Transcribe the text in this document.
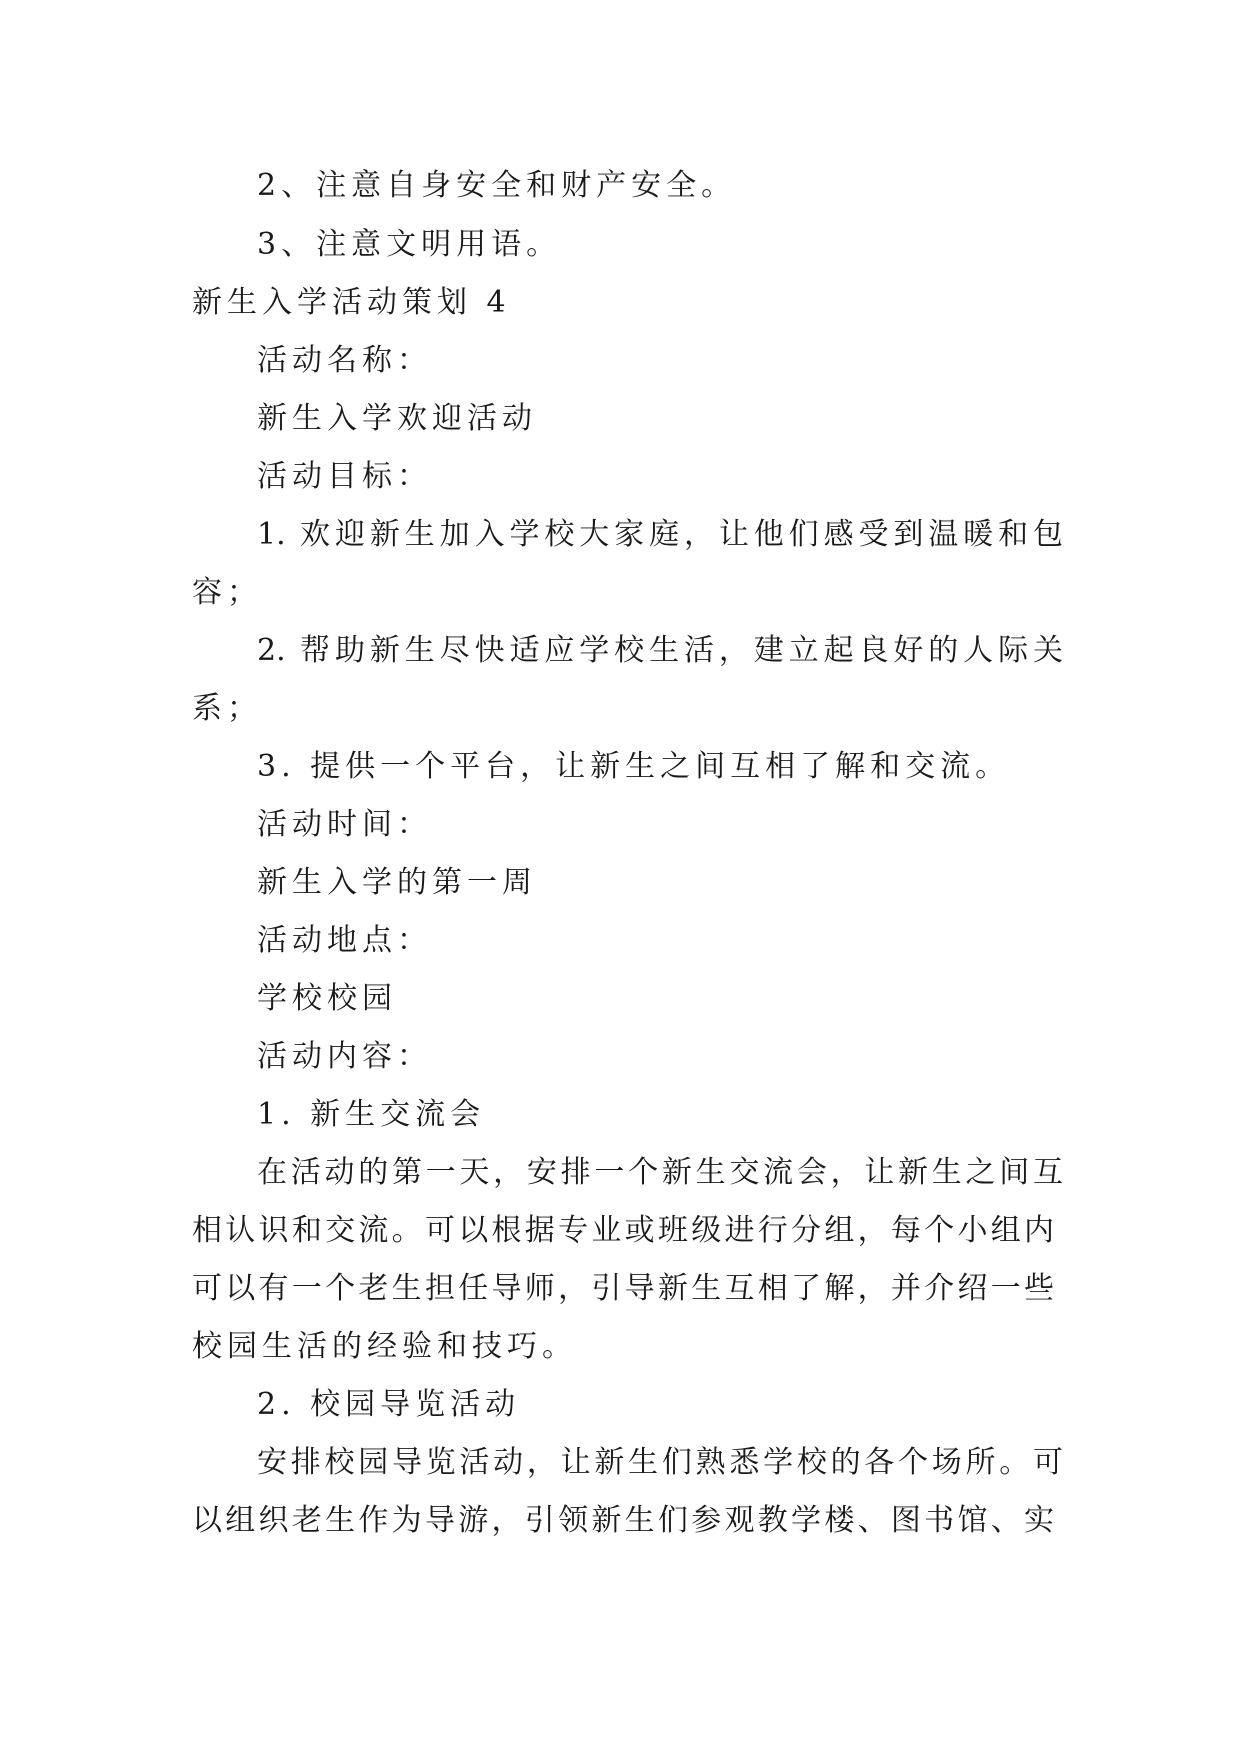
2、注意自身安全和财产安全。
3、注意文明用语。
新生入学活动策划 4
活动名称：
新生入学欢迎活动
活动目标：
1. 欢迎新生加入学校大家庭，让他们感受到温暖和包
容；
2. 帮助新生尽快适应学校生活，建立起良好的人际关
系；
3. 提供一个平台，让新生之间互相了解和交流。
活动时间：
新生入学的第一周
活动地点：
学校校园
活动内容：
1. 新生交流会
在活动的第一天，安排一个新生交流会，让新生之间互
相认识和交流。可以根据专业或班级进行分组，每个小组内
可以有一个老生担任导师，引导新生互相了解，并介绍一些
校园生活的经验和技巧。
2. 校园导览活动
安排校园导览活动，让新生们熟悉学校的各个场所。可
以组织老生作为导游，引领新生们参观教学楼、图书馆、实
